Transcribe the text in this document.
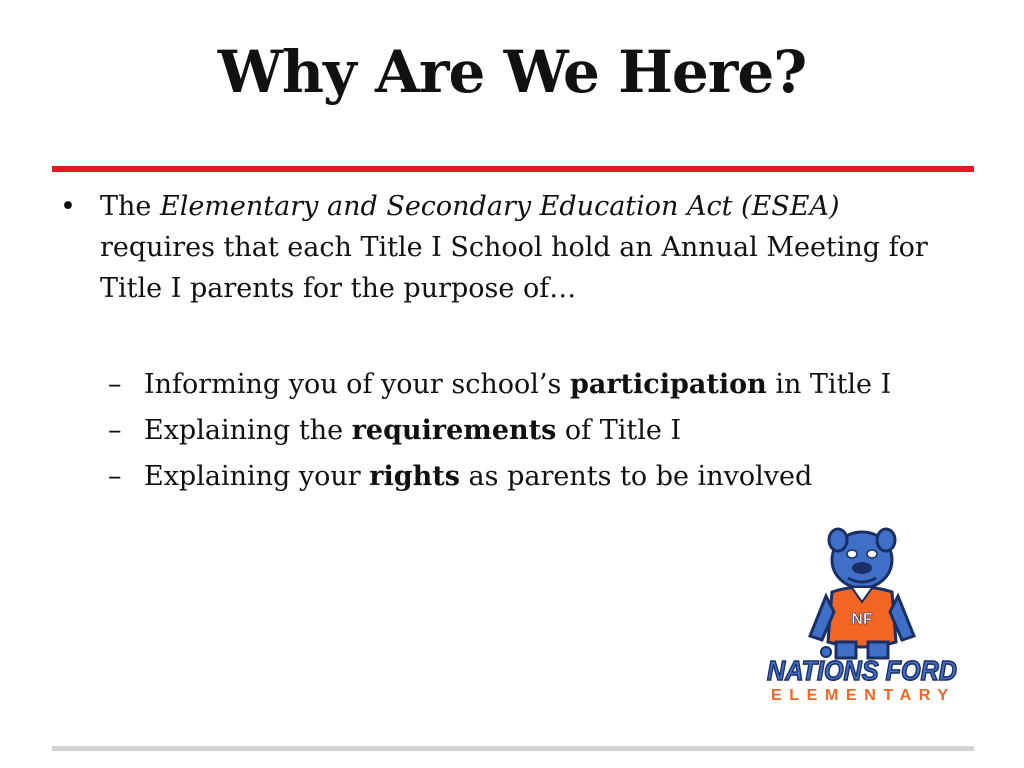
Why Are We Here?
• The Elementary and Secondary Education Act (ESEA) requires that each Title I School hold an Annual Meeting for Title I parents for the purpose of…
– Informing you of your school’s participation in Title I
– Explaining the requirements of Title I
– Explaining your rights as parents to be involved
NF
NATIONS FORD
ELEMENTARY
